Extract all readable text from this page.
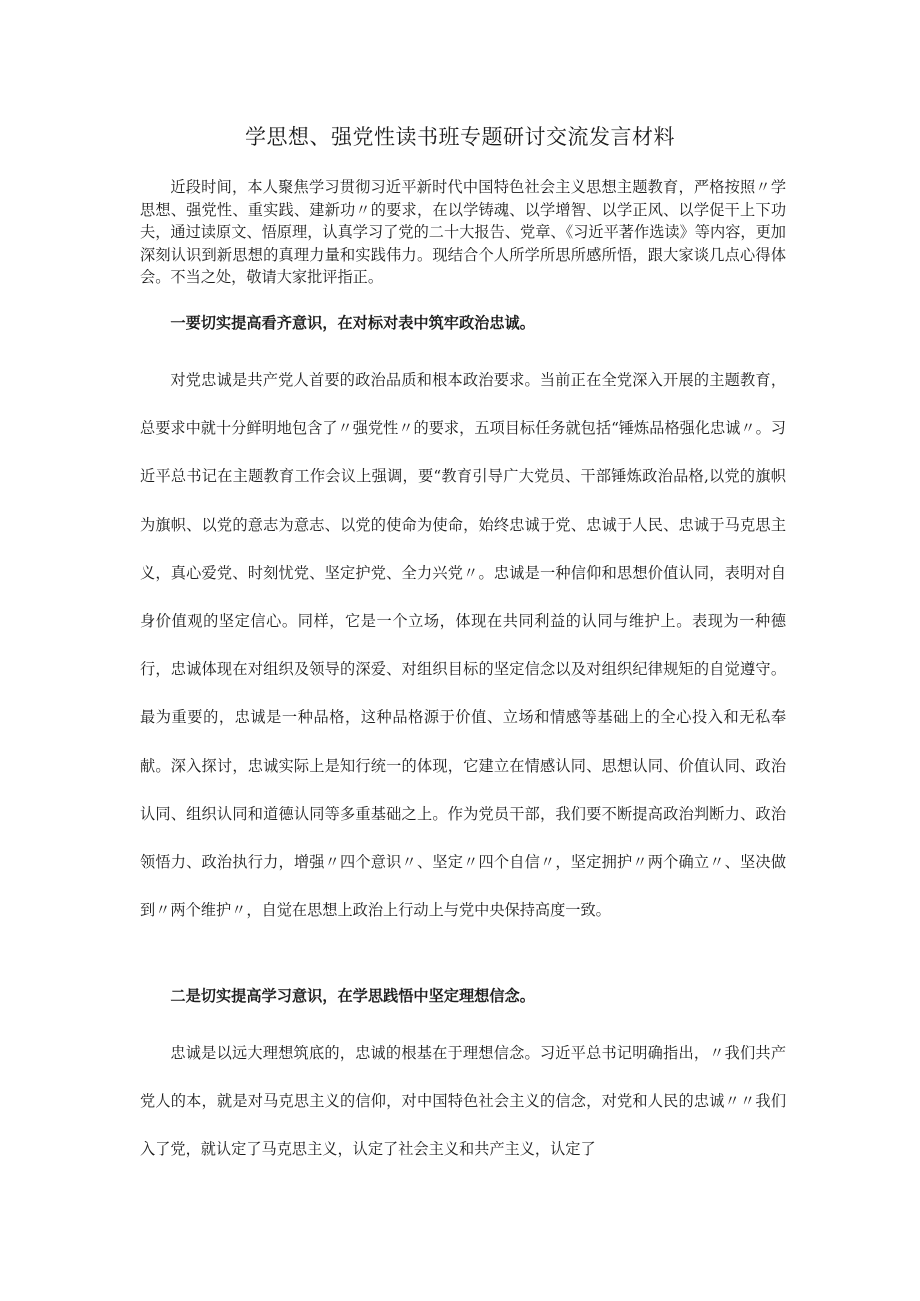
学思想、强党性读书班专题研讨交流发言材料

近段时间，本人聚焦学习贯彻习近平新时代中国特色社会主义思想主题教育，严格按照〃学思想、强党性、重实践、建新功〃的要求，在以学铸魂、以学增智、以学正风、以学促干上下功夫，通过读原文、悟原理，认真学习了党的二十大报告、党章、《习近平著作选读》等内容，更加深刻认识到新思想的真理力量和实践伟力。现结合个人所学所思所感所悟，跟大家谈几点心得体会。不当之处，敬请大家批评指正。

一要切实提高看齐意识，在对标对表中筑牢政治忠诚。

对党忠诚是共产党人首要的政治品质和根本政治要求。当前正在全党深入开展的主题教育，总要求中就十分鲜明地包含了〃强党性〃的要求，五项目标任务就包括“锤炼品格强化忠诚〃。习近平总书记在主题教育工作会议上强调，要“教育引导广大党员、干部锤炼政治品格,以党的旗帜为旗帜、以党的意志为意志、以党的使命为使命，始终忠诚于党、忠诚于人民、忠诚于马克思主义，真心爱党、时刻忧党、坚定护党、全力兴党〃。忠诚是一种信仰和思想价值认同，表明对自身价值观的坚定信心。同样，它是一个立场，体现在共同利益的认同与维护上。表现为一种德行，忠诚体现在对组织及领导的深爱、对组织目标的坚定信念以及对组织纪律规矩的自觉遵守。最为重要的，忠诚是一种品格，这种品格源于价值、立场和情感等基础上的全心投入和无私奉献。深入探讨，忠诚实际上是知行统一的体现，它建立在情感认同、思想认同、价值认同、政治认同、组织认同和道德认同等多重基础之上。作为党员干部，我们要不断提高政治判断力、政治领悟力、政治执行力，增强〃四个意识〃、坚定〃四个自信〃，坚定拥护〃两个确立〃、坚决做到〃两个维护〃，自觉在思想上政治上行动上与党中央保持高度一致。

二是切实提高学习意识，在学思践悟中坚定理想信念。

忠诚是以远大理想筑底的，忠诚的根基在于理想信念。习近平总书记明确指出，〃我们共产党人的本，就是对马克思主义的信仰，对中国特色社会主义的信念，对党和人民的忠诚〃〃我们入了党，就认定了马克思主义，认定了社会主义和共产主义，认定了
